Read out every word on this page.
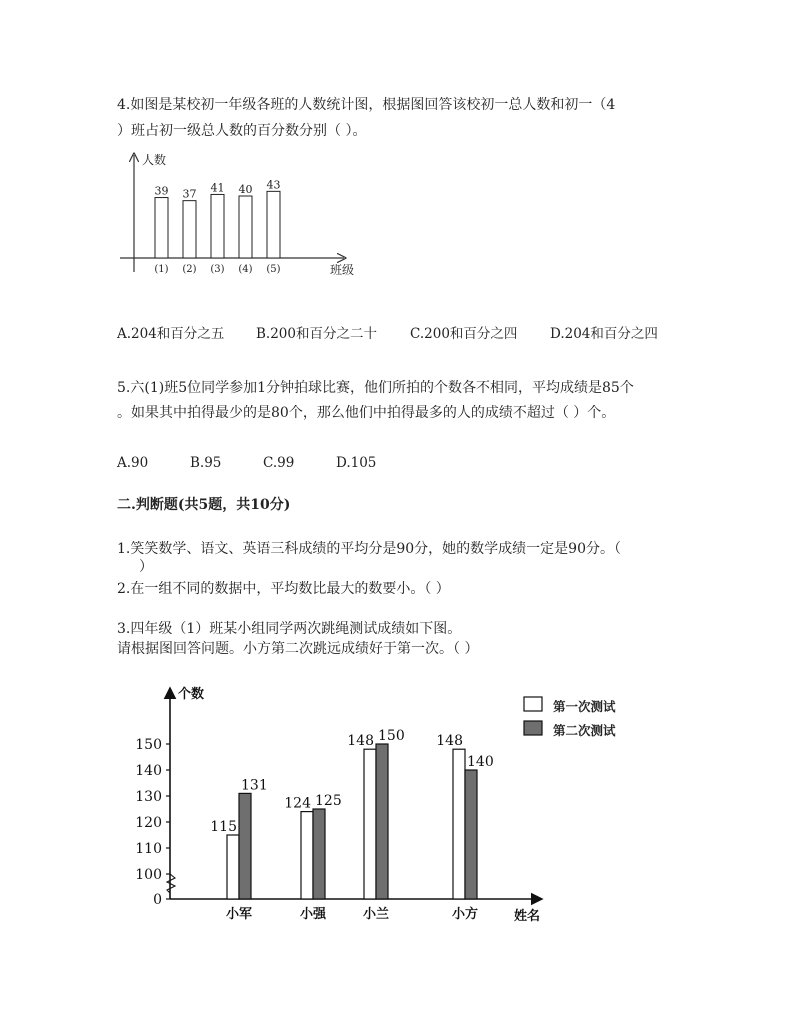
4.如图是某校初一年级各班的人数统计图，根据图回答该校初一总人数和初一（4
）班占初一级总人数的百分数分别（ ）。
人数
班级
39
(1)
37
(2)
41
(3)
40
(4)
43
(5)
A.204和百分之五 B.200和百分之二十 C.200和百分之四 D.204和百分之四
5.六(1)班5位同学参加1分钟拍球比赛，他们所拍的个数各不相同，平均成绩是85个
。如果其中拍得最少的是80个，那么他们中拍得最多的人的成绩不超过（ ）个。
A.90	B.95	C.99	D.105
二.判断题(共5题，共10分)
1.笑笑数学、语文、英语三科成绩的平均分是90分，她的数学成绩一定是90分。（
）
2.在一组不同的数据中，平均数比最大的数要小。（ ）
3.四年级（1）班某小组同学两次跳绳测试成绩如下图。
请根据图回答问题。小方第二次跳远成绩好于第一次。（ ）
个数
姓名
0
100
110
120
130
140
150
115
131
小军
124 125
小强
148 150
小兰
148
140
小方
第一次测试
第二次测试
